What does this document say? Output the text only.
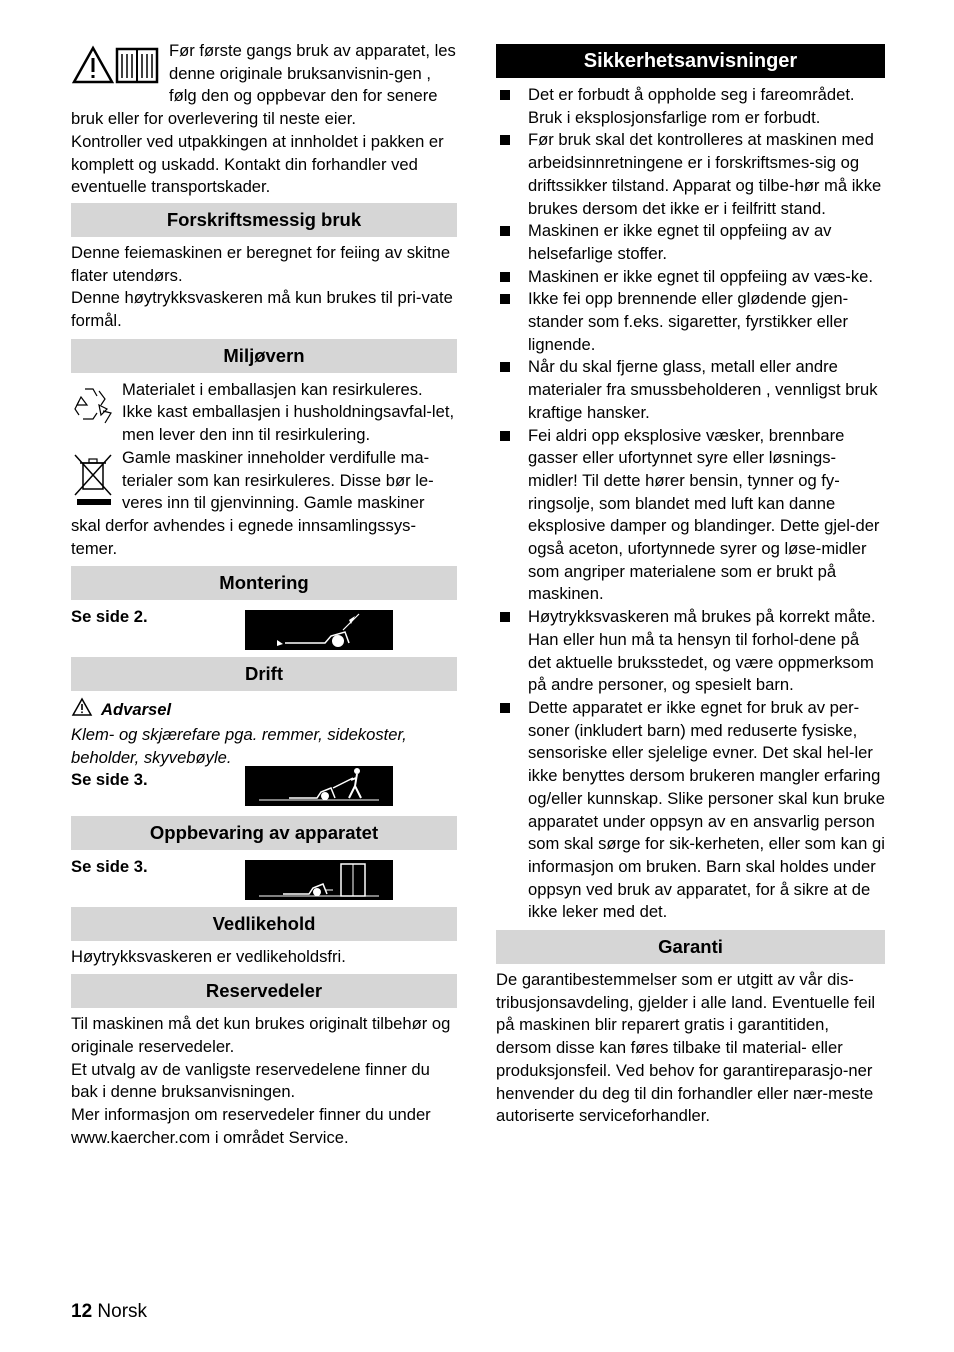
Før første gangs bruk av apparatet, les denne originale bruksanvisnin-gen , følg den og oppbevar den for senere bruk eller for overlevering til neste eier.

Kontroller ved utpakkingen at innholdet i pakken er komplett og uskadd. Kontakt din forhandler ved eventuelle transportskader.

Forskriftsmessig bruk

Denne feiemaskinen er beregnet for feiing av skitne flater utendørs.

Denne høytrykksvaskeren må kun brukes til pri-vate formål.

Miljøvern

Materialet i emballasjen kan resirkuleres. Ikke kast emballasjen i husholdningsavfal-let, men lever den inn til resirkulering.

Gamle maskiner inneholder verdifulle ma-terialer som kan resirkuleres. Disse bør le-veres inn til gjenvinning. Gamle maskiner skal derfor avhendes i egnede innsamlingssys-temer.

Montering
Se side 2.
Drift
Advarsel

Klem- og skjærefare pga. remmer, sidekoster, beholder, skyvebøyle.

Se side 3.
Oppbevaring av apparatet
Se side 3.
Vedlikehold

Høytrykksvaskeren er vedlikeholdsfri.

Reservedeler

Til maskinen må det kun brukes originalt tilbehør og originale reservedeler.

Et utvalg av de vanligste reservedelene finner du bak i denne bruksanvisningen.

Mer informasjon om reservedeler finner du under www.kaercher.com i området Service.

Sikkerhetsanvisninger
Det er forbudt å oppholde seg i fareområdet. Bruk i eksplosjonsfarlige rom er forbudt.
Før bruk skal det kontrolleres at maskinen med arbeidsinnretningene er i forskriftsmes-sig og driftssikker tilstand. Apparat og tilbe-hør må ikke brukes dersom det ikke er i feilfritt stand.
Maskinen er ikke egnet til oppfeiing av av helsefarlige stoffer.
Maskinen er ikke egnet til oppfeiing av væs-ke.
Ikke fei opp brennende eller glødende gjen-stander som f.eks. sigaretter, fyrstikker eller lignende.
Når du skal fjerne glass, metall eller andre materialer fra smussbeholderen , vennligst bruk kraftige hansker.
Fei aldri opp eksplosive væsker, brennbare gasser eller ufortynnet syre eller løsnings-midler! Til dette hører bensin, tynner og fy-ringsolje, som blandet med luft kan danne eksplosive damper og blandinger. Dette gjel-der også aceton, ufortynnede syrer og løse-midler som angriper materialene som er brukt på maskinen.
Høytrykksvaskeren må brukes på korrekt måte. Han eller hun må ta hensyn til forhol-dene på det aktuelle bruksstedet, og være oppmerksom på andre personer, og spesielt barn.
Dette apparatet er ikke egnet for bruk av per-soner (inkludert barn) med reduserte fysiske, sensoriske eller sjelelige evner. Det skal hel-ler ikke benyttes dersom brukeren mangler erfaring og/eller kunnskap. Slike personer skal kun bruke apparatet under oppsyn av en ansvarlig person som skal sørge for sik-kerheten, eller som kan gi informasjon om bruken. Barn skal holdes under oppsyn ved bruk av apparatet, for å sikre at de ikke leker med det.
Garanti

De garantibestemmelser som er utgitt av vår dis-tribusjonsavdeling, gjelder i alle land. Eventuelle feil på maskinen blir reparert gratis i garantitiden, dersom disse kan føres tilbake til material- eller produksjonsfeil. Ved behov for garantireparasjo-ner henvender du deg til din forhandler eller nær-meste autoriserte serviceforhandler.

12 Norsk
